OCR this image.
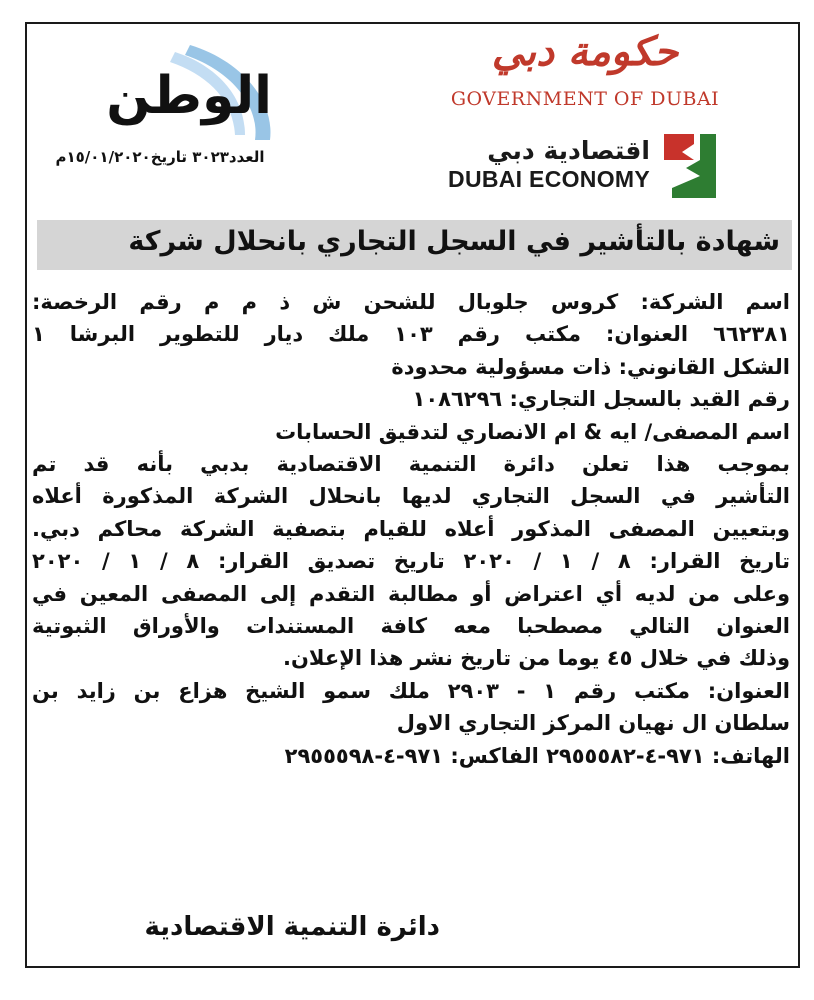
حكومة دبي
GOVERNMENT OF DUBAI
اقتصادية دبي
DUBAI ECONOMY
الوطن
العدد٣٠٢٣ تاريخ١٥/٠١/٢٠٢٠م
شهادة بالتأشير في السجل التجاري بانحلال شركة
اسم الشركة: كروس جلوبال للشحن ش ذ م م رقم الرخصة:
٦٦٢٣٨١ العنوان: مكتب رقم ١٠٣ ملك ديار للتطوير البرشا ١
الشكل القانوني: ذات مسؤولية محدودة
رقم القيد بالسجل التجاري: ١٠٨٦٢٩٦
اسم المصفى/ ايه & ام الانصاري لتدقيق الحسابات
بموجب هذا تعلن دائرة التنمية الاقتصادية بدبي بأنه قد تم
التأشير في السجل التجاري لديها بانحلال الشركة المذكورة أعلاه
وبتعيين المصفى المذكور أعلاه للقيام بتصفية الشركة محاكم دبي.
تاريخ القرار: ٨ / ١ / ٢٠٢٠ تاريخ تصديق القرار: ٨ / ١ / ٢٠٢٠
وعلى من لديه أي اعتراض أو مطالبة التقدم إلى المصفى المعين في
العنوان التالي مصطحبا معه كافة المستندات والأوراق الثبوتية
وذلك في خلال ٤٥ يوما من تاريخ نشر هذا الإعلان.
العنوان: مكتب رقم ١ - ٢٩٠٣ ملك سمو الشيخ هزاع بن زايد بن
سلطان ال نهيان المركز التجاري الاول
الهاتف: ٩٧١-٤-٢٩٥٥٥٨٢ الفاكس: ٩٧١-٤-٢٩٥٥٥٩٨
دائرة التنمية الاقتصادية
